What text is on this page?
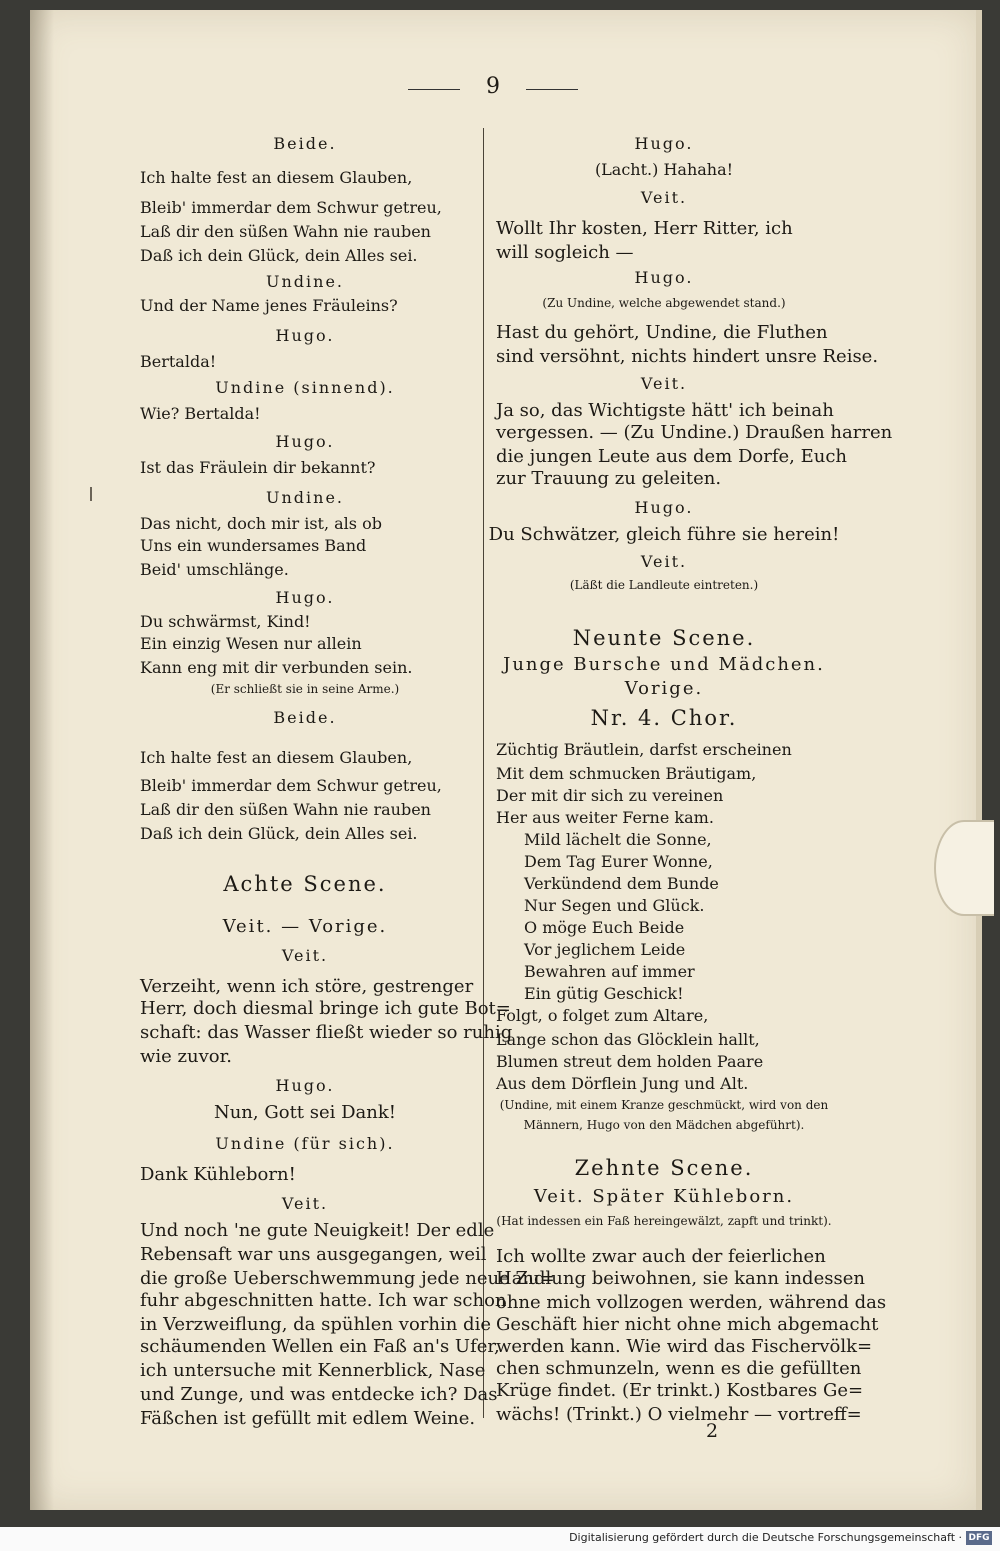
9
Beide.
Ich halte fest an diesem Glauben,
Bleib' immerdar dem Schwur getreu,
Laß dir den süßen Wahn nie rauben
Daß ich dein Glück, dein Alles sei.
Undine.
Und der Name jenes Fräuleins?
Hugo.
Bertalda!
Undine (sinnend).
Wie? Bertalda!
Hugo.
Ist das Fräulein dir bekannt?
Undine.
Das nicht, doch mir ist, als ob
Uns ein wundersames Band
Beid' umschlänge.
Hugo.
Du schwärmst, Kind!
Ein einzig Wesen nur allein
Kann eng mit dir verbunden sein.
(Er schließt sie in seine Arme.)
Beide.
Ich halte fest an diesem Glauben,
Bleib' immerdar dem Schwur getreu,
Laß dir den süßen Wahn nie rauben
Daß ich dein Glück, dein Alles sei.
Achte Scene.
Veit. — Vorige.
Veit.
Verzeiht, wenn ich störe, gestrenger
Herr, doch diesmal bringe ich gute Bot=
schaft: das Wasser fließt wieder so ruhig
wie zuvor.
Hugo.
Nun, Gott sei Dank!
Undine (für sich).
Dank Kühleborn!
Veit.
Und noch 'ne gute Neuigkeit! Der edle
Rebensaft war uns ausgegangen, weil
die große Ueberschwemmung jede neue Zu=
fuhr abgeschnitten hatte. Ich war schon
in Verzweiflung, da spühlen vorhin die
schäumenden Wellen ein Faß an's Ufer,
ich untersuche mit Kennerblick, Nase
und Zunge, und was entdecke ich? Das
Fäßchen ist gefüllt mit edlem Weine.
Hugo.
(Lacht.) Hahaha!
Veit.
Wollt Ihr kosten, Herr Ritter, ich
will sogleich —
Hugo.
(Zu Undine, welche abgewendet stand.)
Hast du gehört, Undine, die Fluthen
sind versöhnt, nichts hindert unsre Reise.
Veit.
Ja so, das Wichtigste hätt' ich beinah
vergessen. — (Zu Undine.) Draußen harren
die jungen Leute aus dem Dorfe, Euch
zur Trauung zu geleiten.
Hugo.
Du Schwätzer, gleich führe sie herein!
Veit.
(Läßt die Landleute eintreten.)
Neunte Scene.
Junge Bursche und Mädchen.
Vorige.
Nr. 4. Chor.
Züchtig Bräutlein, darfst erscheinen
Mit dem schmucken Bräutigam,
Der mit dir sich zu vereinen
Her aus weiter Ferne kam.
Mild lächelt die Sonne,
Dem Tag Eurer Wonne,
Verkündend dem Bunde
Nur Segen und Glück.
O möge Euch Beide
Vor jeglichem Leide
Bewahren auf immer
Ein gütig Geschick!
Folgt, o folget zum Altare,
Lange schon das Glöcklein hallt,
Blumen streut dem holden Paare
Aus dem Dörflein Jung und Alt.
(Undine, mit einem Kranze geschmückt, wird von den
Männern, Hugo von den Mädchen abgeführt).
Zehnte Scene.
Veit. Später Kühleborn.
(Hat indessen ein Faß hereingewälzt, zapft und trinkt).
Ich wollte zwar auch der feierlichen
Handlung beiwohnen, sie kann indessen
ohne mich vollzogen werden, während das
Geschäft hier nicht ohne mich abgemacht
werden kann. Wie wird das Fischervölk=
chen schmunzeln, wenn es die gefüllten
Krüge findet. (Er trinkt.) Kostbares Ge=
wächs! (Trinkt.) O vielmehr — vortreff=
2
Digitalisierung gefördert durch die Deutsche Forschungsgemeinschaft · DFG
